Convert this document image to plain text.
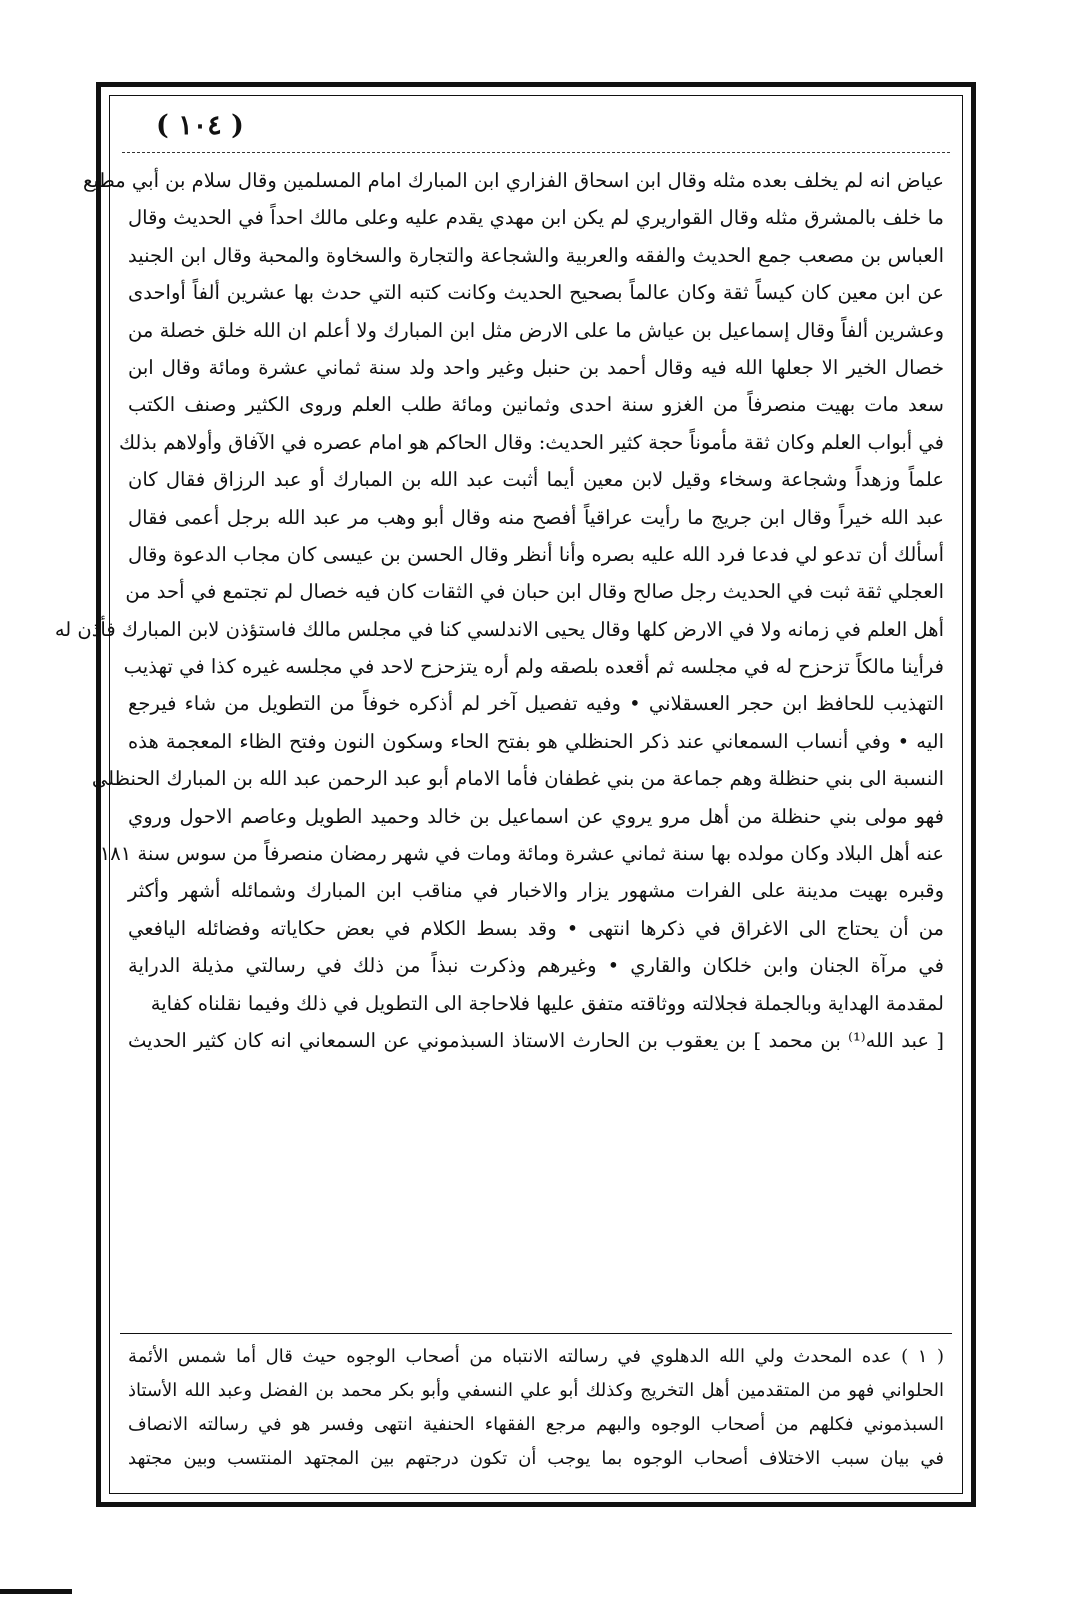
( ١٠٤ )
عياض انه لم يخلف بعده مثله وقال ابن اسحاق الفزاري ابن المبارك امام المسلمين وقال سلام بن أبي مطيع
ما خلف بالمشرق مثله وقال القواريري لم يكن ابن مهدي يقدم عليه وعلى مالك احداً في الحديث وقال
العباس بن مصعب جمع الحديث والفقه والعربية والشجاعة والتجارة والسخاوة والمحبة وقال ابن الجنيد
عن ابن معين كان كيساً ثقة وكان عالماً بصحيح الحديث وكانت كتبه التي حدث بها عشرين ألفاً أواحدى
وعشرين ألفاً وقال إسماعيل بن عياش ما على الارض مثل ابن المبارك ولا أعلم ان الله خلق خصلة من
خصال الخير الا جعلها الله فيه وقال أحمد بن حنبل وغير واحد ولد سنة ثماني عشرة ومائة وقال ابن
سعد مات بهيت منصرفاً من الغزو سنة احدى وثمانين ومائة طلب العلم وروى الكثير وصنف الكتب
في أبواب العلم وكان ثقة مأموناً حجة كثير الحديث: وقال الحاكم هو امام عصره في الآفاق وأولاهم بذلك
علماً وزهداً وشجاعة وسخاء وقيل لابن معين أيما أثبت عبد الله بن المبارك أو عبد الرزاق فقال كان
عبد الله خيراً وقال ابن جريج ما رأيت عراقياً أفصح منه وقال أبو وهب مر عبد الله برجل أعمى فقال
أسألك أن تدعو لي فدعا فرد الله عليه بصره وأنا أنظر وقال الحسن بن عيسى كان مجاب الدعوة وقال
العجلي ثقة ثبت في الحديث رجل صالح وقال ابن حبان في الثقات كان فيه خصال لم تجتمع في أحد من
أهل العلم في زمانه ولا في الارض كلها وقال يحيى الاندلسي كنا في مجلس مالك فاستؤذن لابن المبارك فأذن له
فرأينا مالكاً تزحزح له في مجلسه ثم أقعده بلصقه ولم أره يتزحزح لاحد في مجلسه غيره كذا في تهذيب
التهذيب للحافظ ابن حجر العسقلاني • وفيه تفصيل آخر لم أذكره خوفاً من التطويل من شاء فيرجع
اليه • وفي أنساب السمعاني عند ذكر الحنظلي هو بفتح الحاء وسكون النون وفتح الظاء المعجمة هذه
النسبة الى بني حنظلة وهم جماعة من بني غطفان فأما الامام أبو عبد الرحمن عبد الله بن المبارك الحنظلي
فهو مولى بني حنظلة من أهل مرو يروي عن اسماعيل بن خالد وحميد الطويل وعاصم الاحول وروي
عنه أهل البلاد وكان مولده بها سنة ثماني عشرة ومائة ومات في شهر رمضان منصرفاً من سوس سنة ١٨١
وقبره بهيت مدينة على الفرات مشهور يزار والاخبار في مناقب ابن المبارك وشمائله أشهر وأكثر
من أن يحتاج الى الاغراق في ذكرها انتهى • وقد بسط الكلام في بعض حكاياته وفضائله اليافعي
في مرآة الجنان وابن خلكان والقاري • وغيرهم وذكرت نبذاً من ذلك في رسالتي مذيلة الدراية
لمقدمة الهداية وبالجملة فجلالته ووثاقته متفق عليها فلاحاجة الى التطويل في ذلك وفيما نقلناه كفاية
[ عبد الله⁽¹⁾ بن محمد ] بن يعقوب بن الحارث الاستاذ السبذموني عن السمعاني انه كان كثير الحديث
( ١ ) عده المحدث ولي الله الدهلوي في رسالته الانتباه من أصحاب الوجوه حيث قال أما شمس الأئمة
الحلواني فهو من المتقدمين أهل التخريج وكذلك أبو علي النسفي وأبو بكر محمد بن الفضل وعبد الله الأستاذ
السبذموني فكلهم من أصحاب الوجوه والبهم مرجع الفقهاء الحنفية انتهى وفسر هو في رسالته الانصاف
في بيان سبب الاختلاف أصحاب الوجوه بما يوجب أن تكون درجتهم بين المجتهد المنتسب وبين مجتهد
